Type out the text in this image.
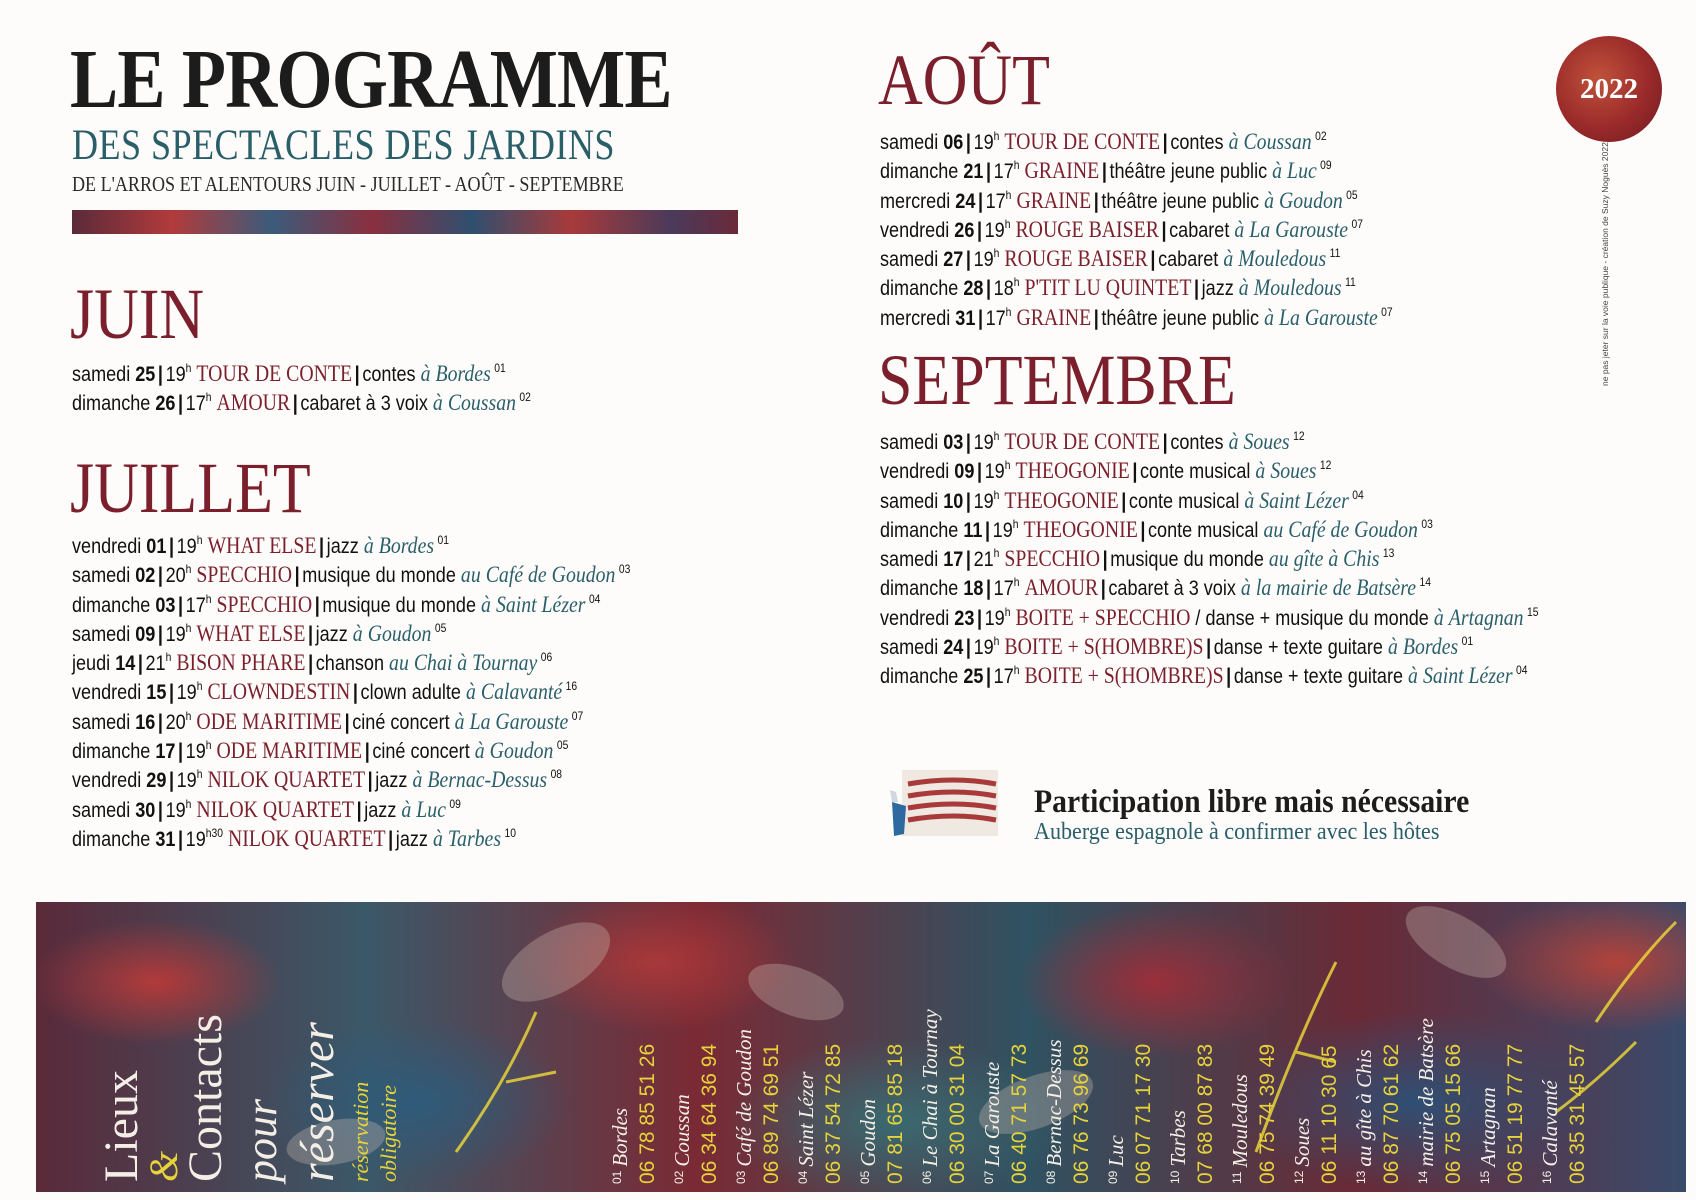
LE PROGRAMME
DES SPECTACLES DES JARDINS
DE L'ARROS ET ALENTOURS JUIN - JUILLET - AOÛT - SEPTEMBRE
2022
ne pas jeter sur la voie publique - création de Suzy Noguès 2022
JUIN
samedi 25 | 19$^h$ TOUR DE CONTE | contes à Bordes $^{01}$
dimanche 26 | 17$^h$ AMOUR | cabaret à 3 voix à Coussan $^{02}$
JUILLET
vendredi 01 | 19$^h$ WHAT ELSE | jazz à Bordes $^{01}$
samedi 02 | 20$^h$ SPECCHIO | musique du monde au Café de Goudon $^{03}$
dimanche 03 | 17$^h$ SPECCHIO | musique du monde à Saint Lézer $^{04}$
samedi 09 | 19$^h$ WHAT ELSE | jazz à Goudon $^{05}$
jeudi 14 | 21$^h$ BISON PHARE | chanson au Chai à Tournay $^{06}$
vendredi 15 | 19$^h$ CLOWNDESTIN | clown adulte à Calavanté $^{16}$
samedi 16 | 20$^h$ ODE MARITIME | ciné concert à La Garouste $^{07}$
dimanche 17 | 19$^h$ ODE MARITIME | ciné concert à Goudon $^{05}$
vendredi 29 | 19$^h$ NILOK QUARTET | jazz à Bernac-Dessus $^{08}$
samedi 30 | 19$^h$ NILOK QUARTET | jazz à Luc $^{09}$
dimanche 31 | $19^{h30}$ NILOK QUARTET | jazz à Tarbes $^{10}$
AOÛT
samedi 06 | 19$^h$ TOUR DE CONTE | contes à Coussan $^{02}$
dimanche 21 | 17$^h$ GRAINE | théâtre jeune public à Luc $^{09}$
mercredi 24 | 17$^h$ GRAINE | théâtre jeune public à Goudon $^{05}$
vendredi 26 | 19$^h$ ROUGE BAISER | cabaret à La Garouste $^{07}$
samedi 27 | 19$^h$ ROUGE BAISER | cabaret à Mouledous $^{11}$
dimanche 28 | 18$^h$ P'TIT LU QUINTET | jazz à Mouledous $^{11}$
mercredi 31 | 17$^h$ GRAINE | théâtre jeune public à La Garouste $^{07}$
SEPTEMBRE
samedi 03 | 19$^h$ TOUR DE CONTE | contes à Soues $^{12}$
vendredi 09 | 19$^h$ THEOGONIE | conte musical à Soues $^{12}$
samedi 10 | 19$^h$ THEOGONIE | conte musical à Saint Lézer $^{04}$
dimanche 11 | 19$^h$ THEOGONIE | conte musical au Café de Goudon $^{03}$
samedi 17 | 21$^h$ SPECCHIO | musique du monde au gîte à Chis $^{13}$
dimanche 18 | 17$^h$ AMOUR | cabaret à 3 voix à la mairie de Batsère $^{14}$
vendredi 23 | 19$^h$ BOITE + SPECCHIO / danse + musique du monde à Artagnan $^{15}$
samedi 24 | 19$^h$ BOITE + S(HOMBRE)S | danse + texte guitare à Bordes $^{01}$
dimanche 25 | 17$^h$ BOITE + S(HOMBRE)S | danse + texte guitare à Saint Lézer $^{04}$
Participation libre mais nécessaire
Auberge espagnole à confirmer avec les hôtes
Lieux
&
Contacts pour réserver réservation obligatoire	$^{01}$Bordes 06 78 85 51 26 $^{02}$Coussan 06 34 64 36 94 $^{03}$Café de Goudon 06 89 74 69 51 $^{04}$Saint Lézer 06 37 54 72 85 $^{05}$Goudon 07 81 65 85 18 $^{06}$Le Chai à Tournay 06 30 00 31 04 $^{07}$La Garouste 06 40 71 57 73 $^{08}$Bernac-Dessus 06 76 73 96 69 $^{09}$Luc 06 07 71 17 30 $^{10}$Tarbes 07 68 00 87 83 $^{11}$Mouledous 06 75 74 39 49 $^{12}$Soues 06 11 10 30 65 $^{13}$au gîte à Chis 06 87 70 61 62 $^{14}$mairie de Batsère 06 75 05 15 66 $^{15}$Artagnan 06 51 19 77 77 $^{16}$Calavanté 06 35 31 45 57
